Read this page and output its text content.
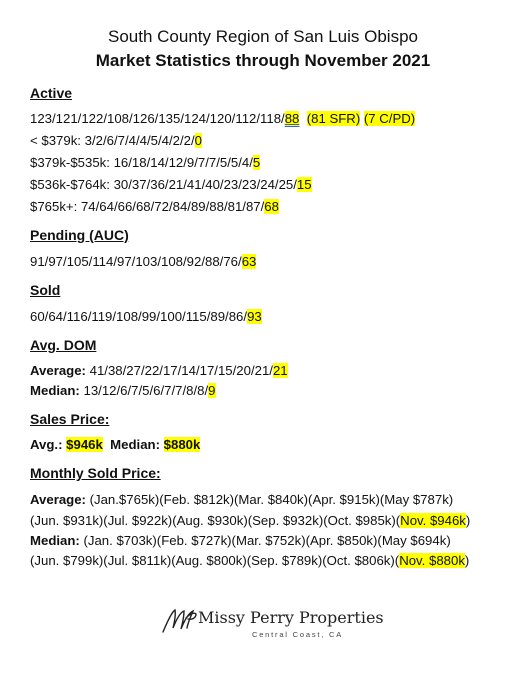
South County Region of San Luis Obispo
Market Statistics through November 2021
Active
123/121/122/108/126/135/124/120/112/118/88 (81 SFR) (7 C/PD)
< $379k: 3/2/6/7/4/4/5/4/2/2/0
$379k-$535k: 16/18/14/12/9/7/7/5/5/4/5
$536k-$764k: 30/37/36/21/41/40/23/23/24/25/15
$765k+: 74/64/66/68/72/84/89/88/81/87/68
Pending (AUC)
91/97/105/114/97/103/108/92/88/76/63
Sold
60/64/116/119/108/99/100/115/89/86/93
Avg. DOM
Average: 41/38/27/22/17/14/17/15/20/21/21
Median: 13/12/6/7/5/6/7/7/8/8/9
Sales Price:
Avg.: $946k Median: $880k
Monthly Sold Price:
Average: (Jan.$765k)(Feb. $812k)(Mar. $840k)(Apr. $915k)(May $787k)
(Jun. $931k)(Jul. $922k)(Aug. $930k)(Sep. $932k)(Oct. $985k)(Nov. $946k)
Median: (Jan. $703k)(Feb. $727k)(Mar. $752k)(Apr. $850k)(May $694k)
(Jun. $799k)(Jul. $811k)(Aug. $800k)(Sep. $789k)(Oct. $806k)(Nov. $880k)
Missy Perry Properties
Central Coast, CA
